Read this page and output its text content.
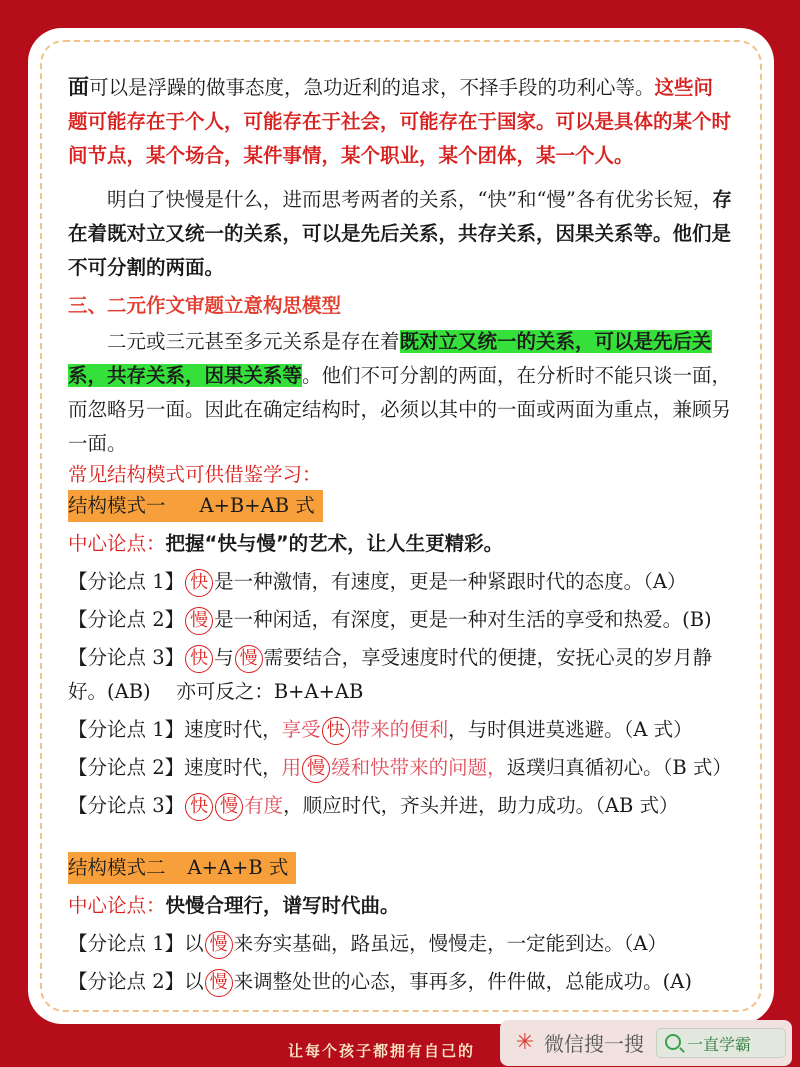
面可以是浮躁的做事态度，急功近利的追求，不择手段的功利心等。这些问题可能存在于个人，可能存在于社会，可能存在于国家。可以是具体的某个时间节点，某个场合，某件事情，某个职业，某个团体，某一个人。

明白了快慢是什么，进而思考两者的关系，“快”和“慢”各有优劣长短，存在着既对立又统一的关系，可以是先后关系，共存关系，因果关系等。他们是不可分割的两面。

三、二元作文审题立意构思模型

二元或三元甚至多元关系是存在着既对立又统一的关系，可以是先后关系，共存关系，因果关系等。他们不可分割的两面，在分析时不能只谈一面，而忽略另一面。因此在确定结构时，必须以其中的一面或两面为重点，兼顾另一面。

常见结构模式可供借鉴学习：

结构模式一 A+B+AB 式

中心论点：把握“快与慢”的艺术，让人生更精彩。

【分论点 1】 快 是一种激情，有速度，更是一种紧跟时代的态度。（A）

【分论点 2】 慢 是一种闲适，有深度，更是一种对生活的享受和热爱。(B)

【分论点 3】 快 与 慢 需要结合，享受速度时代的便捷，安抚心灵的岁月静好。(AB)　 亦可反之：B+A+AB

【分论点 1】速度时代，享受 快 带来的便利，与时俱进莫逃避。（A 式）

【分论点 2】速度时代，用 慢 缓和快带来的问题，返璞归真循初心。（B 式）

【分论点 3】 快 慢 有度，顺应时代，齐头并进，助力成功。（AB 式）

结构模式二 A+A+B 式

中心论点：快慢合理行，谱写时代曲。

【分论点 1】以 慢 来夯实基础，路虽远，慢慢走，一定能到达。（A）

【分论点 2】以 慢 来调整处世的心态，事再多，件件做，总能成功。(A)

让每个孩子都拥有自己的 ✳ 微信搜一搜	一直学霸
